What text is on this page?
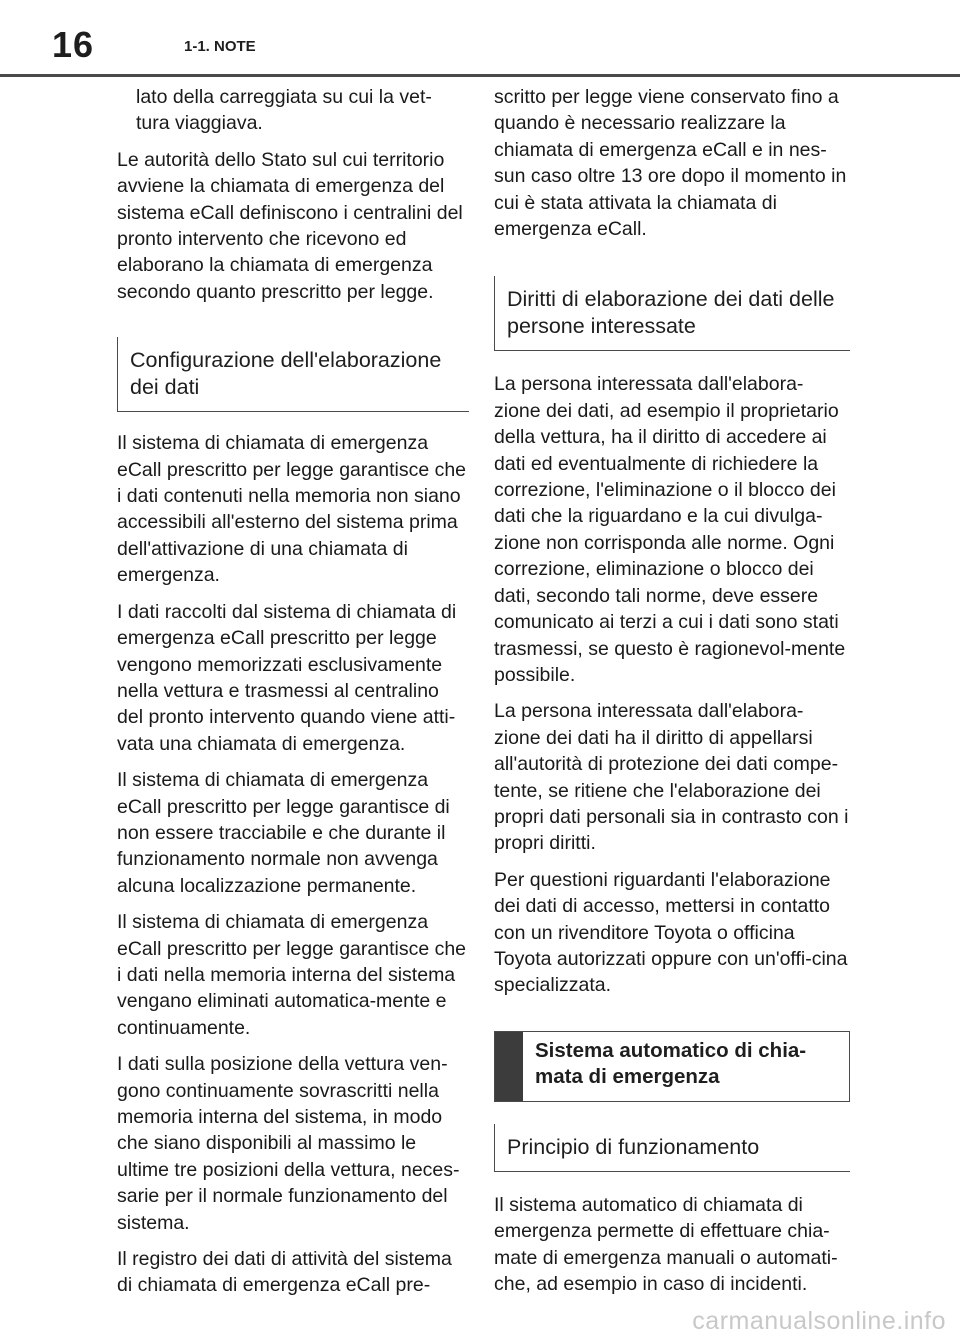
16	1-1. NOTE

lato della carreggiata su cui la vet-
tura viaggiava.

Le autorità dello Stato sul cui territorio avviene la chiamata di emergenza del sistema eCall definiscono i centralini del pronto intervento che ricevono ed elaborano la chiamata di emergenza secondo quanto prescritto per legge.

Configurazione dell'elaborazione dei dati

Il sistema di chiamata di emergenza eCall prescritto per legge garantisce che i dati contenuti nella memoria non siano accessibili all'esterno del sistema prima dell'attivazione di una chiamata di emergenza.

I dati raccolti dal sistema di chiamata di emergenza eCall prescritto per legge vengono memorizzati esclusivamente nella vettura e trasmessi al centralino del pronto intervento quando viene atti-vata una chiamata di emergenza.

Il sistema di chiamata di emergenza eCall prescritto per legge garantisce di non essere tracciabile e che durante il funzionamento normale non avvenga alcuna localizzazione permanente.

Il sistema di chiamata di emergenza eCall prescritto per legge garantisce che i dati nella memoria interna del sistema vengano eliminati automatica-mente e continuamente.

I dati sulla posizione della vettura ven-gono continuamente sovrascritti nella memoria interna del sistema, in modo che siano disponibili al massimo le ultime tre posizioni della vettura, neces-sarie per il normale funzionamento del sistema.

Il registro dei dati di attività del sistema di chiamata di emergenza eCall pre-

scritto per legge viene conservato fino a quando è necessario realizzare la chiamata di emergenza eCall e in nes-sun caso oltre 13 ore dopo il momento in cui è stata attivata la chiamata di emergenza eCall.

Diritti di elaborazione dei dati delle persone interessate

La persona interessata dall'elabora-zione dei dati, ad esempio il proprietario della vettura, ha il diritto di accedere ai dati ed eventualmente di richiedere la correzione, l'eliminazione o il blocco dei dati che la riguardano e la cui divulga-zione non corrisponda alle norme. Ogni correzione, eliminazione o blocco dei dati, secondo tali norme, deve essere comunicato ai terzi a cui i dati sono stati trasmessi, se questo è ragionevol-mente possibile.

La persona interessata dall'elabora-zione dei dati ha il diritto di appellarsi all'autorità di protezione dei dati compe-tente, se ritiene che l'elaborazione dei propri dati personali sia in contrasto con i propri diritti.

Per questioni riguardanti l'elaborazione dei dati di accesso, mettersi in contatto con un rivenditore Toyota o officina Toyota autorizzati oppure con un'offi-cina specializzata.

Sistema automatico di chia-mata di emergenza
Principio di funzionamento

Il sistema automatico di chiamata di emergenza permette di effettuare chia-mate di emergenza manuali o automati-che, ad esempio in caso di incidenti.

carmanualsonline.info
